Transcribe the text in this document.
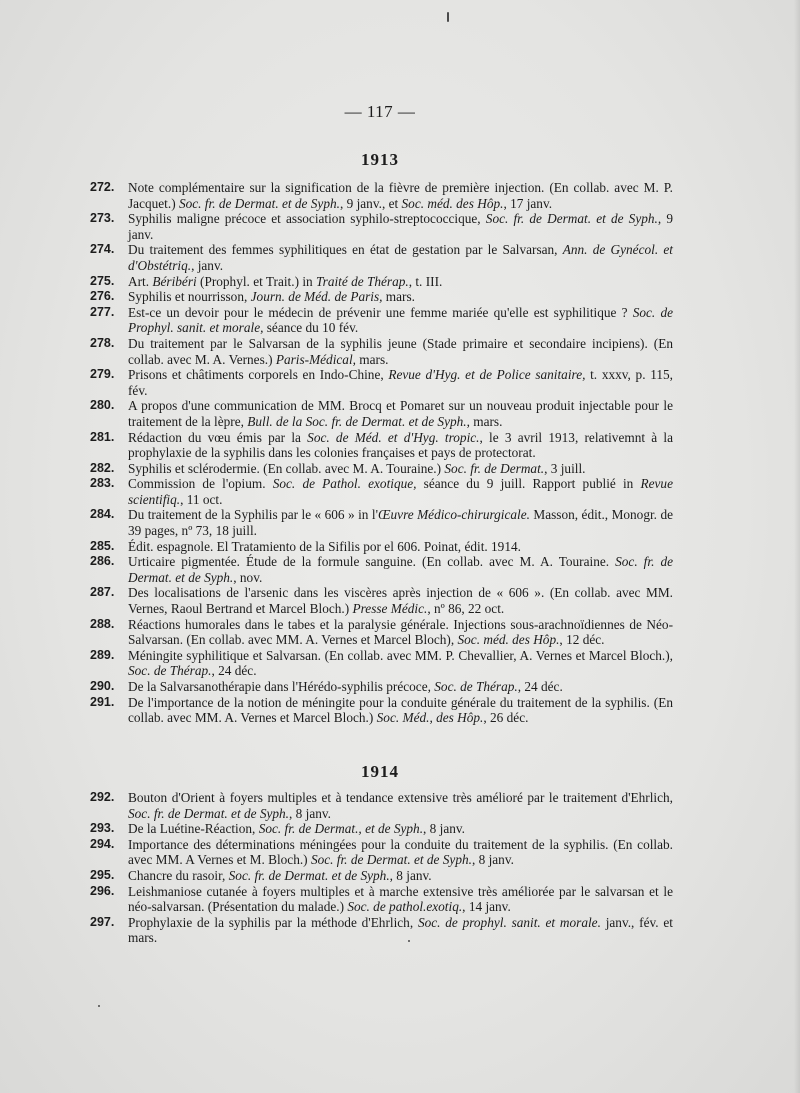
— 117 —
1913
272. Note complémentaire sur la signification de la fièvre de première injection. (En collab. avec M. P. Jacquet.) Soc. fr. de Dermat. et de Syph., 9 janv., et Soc. méd. des Hôp., 17 janv.
273. Syphilis maligne précoce et association syphilo-streptococcique, Soc. fr. de Dermat. et de Syph., 9 janv.
274. Du traitement des femmes syphilitiques en état de gestation par le Salvarsan, Ann. de Gynécol. et d'Obstétriq., janv.
275. Art. Béribéri (Prophyl. et Trait.) in Traité de Thérap., t. III.
276. Syphilis et nourrisson, Journ. de Méd. de Paris, mars.
277. Est-ce un devoir pour le médecin de prévenir une femme mariée qu'elle est syphilitique ? Soc. de Prophyl. sanit. et morale, séance du 10 fév.
278. Du traitement par le Salvarsan de la syphilis jeune (Stade primaire et secondaire incipiens). (En collab. avec M. A. Vernes.) Paris-Médical, mars.
279. Prisons et châtiments corporels en Indo-Chine, Revue d'Hyg. et de Police sanitaire, t. xxxv, p. 115, fév.
280. A propos d'une communication de MM. Brocq et Pomaret sur un nouveau produit injectable pour le traitement de la lèpre, Bull. de la Soc. fr. de Dermat. et de Syph., mars.
281. Rédaction du vœu émis par la Soc. de Méd. et d'Hyg. tropic., le 3 avril 1913, relativemnt à la prophylaxie de la syphilis dans les colonies françaises et pays de protectorat.
282. Syphilis et sclérodermie. (En collab. avec M. A. Touraine.) Soc. fr. de Dermat., 3 juill.
283. Commission de l'opium. Soc. de Pathol. exotique, séance du 9 juill. Rapport publié in Revue scientifiq., 11 oct.
284. Du traitement de la Syphilis par le « 606 » in l'Œuvre Médico-chirurgicale. Masson, édit., Monogr. de 39 pages, nº 73, 18 juill.
285. Édit. espagnole. El Tratamiento de la Sifilis por el 606. Poinat, édit. 1914.
286. Urticaire pigmentée. Étude de la formule sanguine. (En collab. avec M. A. Touraine. Soc. fr. de Dermat. et de Syph., nov.
287. Des localisations de l'arsenic dans les viscères après injection de « 606 ». (En collab. avec MM. Vernes, Raoul Bertrand et Marcel Bloch.) Presse Médic., nº 86, 22 oct.
288. Réactions humorales dans le tabes et la paralysie générale. Injections sous-arachnoïdiennes de Néo-Salvarsan. (En collab. avec MM. A. Vernes et Marcel Bloch), Soc. méd. des Hôp., 12 déc.
289. Méningite syphilitique et Salvarsan. (En collab. avec MM. P. Chevallier, A. Vernes et Marcel Bloch.), Soc. de Thérap., 24 déc.
290. De la Salvarsanothérapie dans l'Hérédo-syphilis précoce, Soc. de Thérap., 24 déc.
291. De l'importance de la notion de méningite pour la conduite générale du traitement de la syphilis. (En collab. avec MM. A. Vernes et Marcel Bloch.) Soc. Méd., des Hôp., 26 déc.
1914
292. Bouton d'Orient à foyers multiples et à tendance extensive très amélioré par le traitement d'Ehrlich, Soc. fr. de Dermat. et de Syph., 8 janv.
293. De la Luétine-Réaction, Soc. fr. de Dermat., et de Syph., 8 janv.
294. Importance des déterminations méningées pour la conduite du traitement de la syphilis. (En collab. avec MM. A Vernes et M. Bloch.) Soc. fr. de Dermat. et de Syph., 8 janv.
295. Chancre du rasoir, Soc. fr. de Dermat. et de Syph., 8 janv.
296. Leishmaniose cutanée à foyers multiples et à marche extensive très améliorée par le salvarsan et le néo-salvarsan. (Présentation du malade.) Soc. de pathol.exotiq., 14 janv.
297. Prophylaxie de la syphilis par la méthode d'Ehrlich, Soc. de prophyl. sanit. et morale. janv., fév. et mars.
